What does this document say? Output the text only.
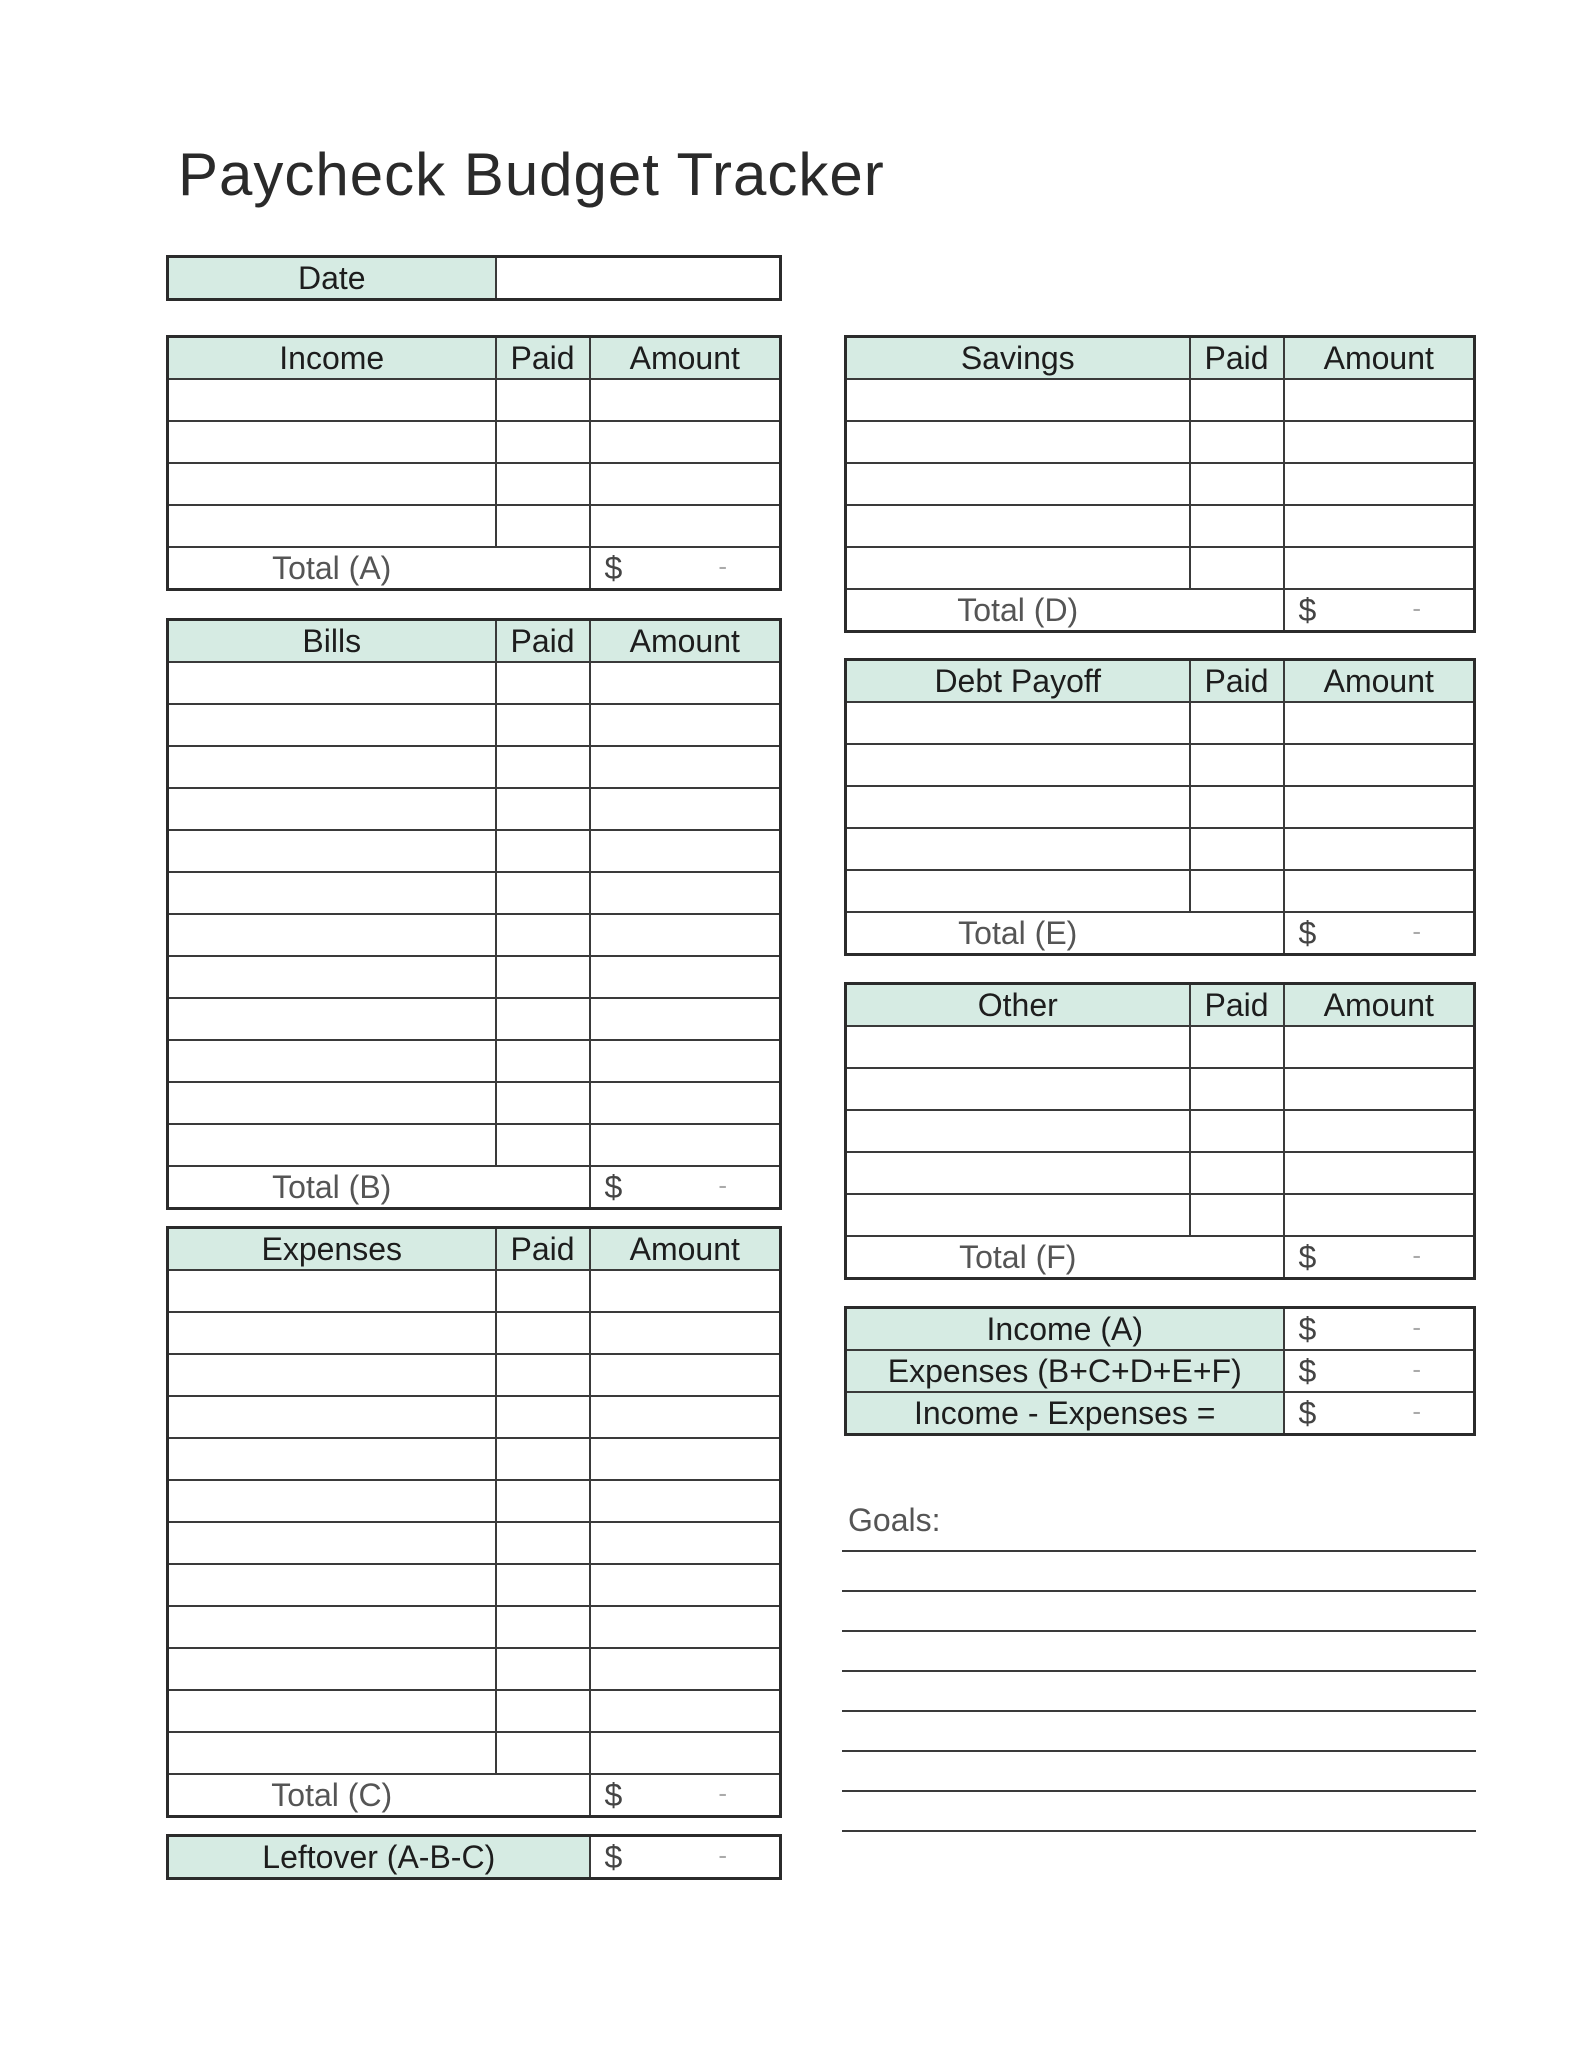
Paycheck Budget Tracker
Date	
Income	Paid	Amount

Total (A)		$ -
Bills	Paid	Amount

Total (B)		$ -
Expenses	Paid	Amount

Total (C)		$ -
Leftover (A-B-C)	$	-
Savings	Paid	Amount

Total (D)		$ -
Debt Payoff	Paid	Amount

Total (E)		$ -
Other	Paid	Amount

Total (F)		$ -
Income (A)	$ -

Expenses (B+C+D+E+F)	$ -

Income - Expenses =	$ -
Goals:
